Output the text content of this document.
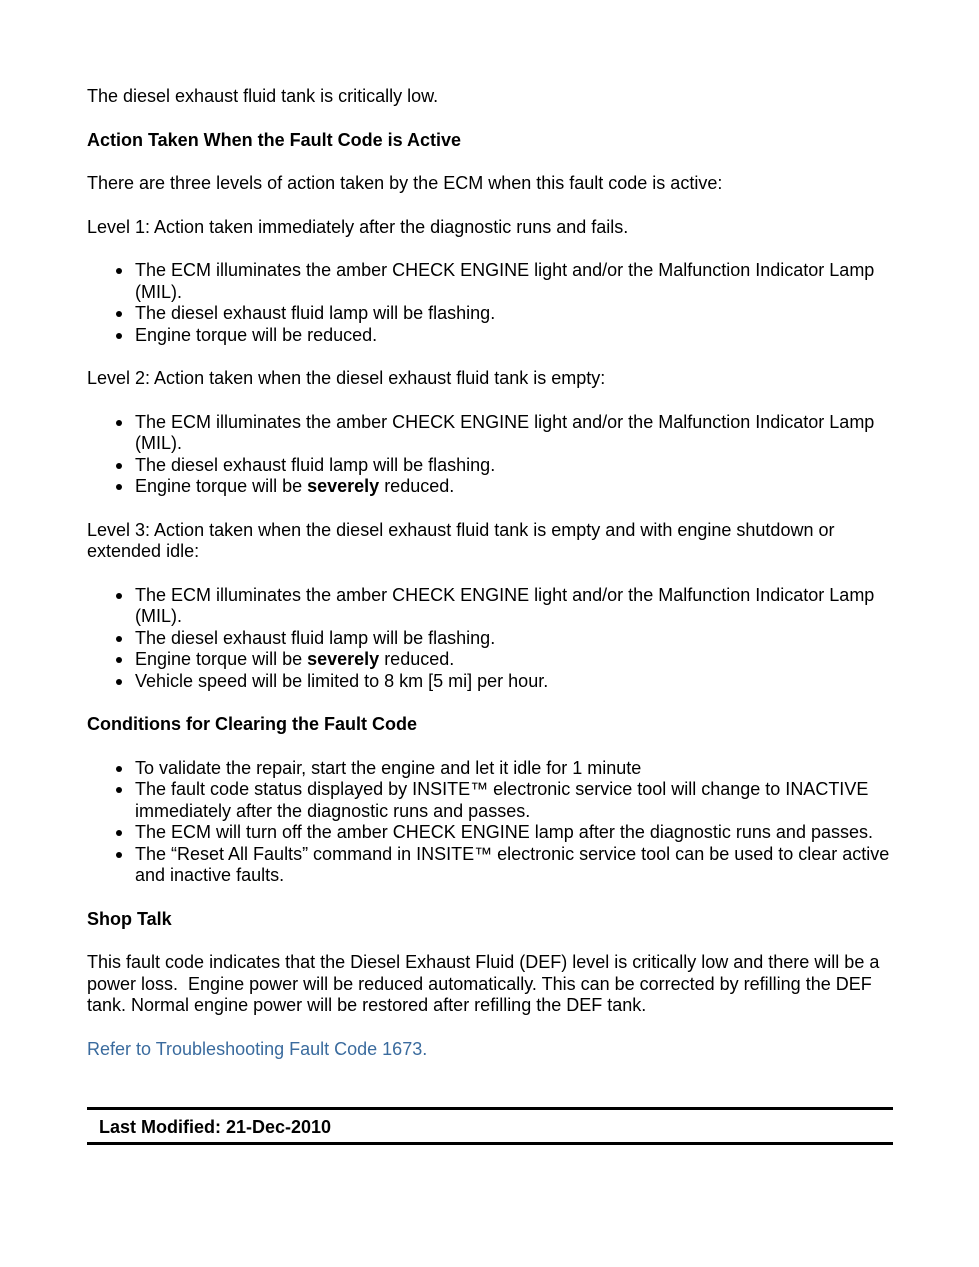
The diesel exhaust fluid tank is critically low.

Action Taken When the Fault Code is Active

There are three levels of action taken by the ECM when this fault code is active:

Level 1: Action taken immediately after the diagnostic runs and fails.

The ECM illuminates the amber CHECK ENGINE light and/or the Malfunction Indicator Lamp (MIL).
The diesel exhaust fluid lamp will be flashing.
Engine torque will be reduced.

Level 2: Action taken when the diesel exhaust fluid tank is empty:

The ECM illuminates the amber CHECK ENGINE light and/or the Malfunction Indicator Lamp (MIL).
The diesel exhaust fluid lamp will be flashing.
Engine torque will be severely reduced.

Level 3: Action taken when the diesel exhaust fluid tank is empty and with engine shutdown or extended idle:

The ECM illuminates the amber CHECK ENGINE light and/or the Malfunction Indicator Lamp (MIL).
The diesel exhaust fluid lamp will be flashing.
Engine torque will be severely reduced.
Vehicle speed will be limited to 8 km [5 mi] per hour.
Conditions for Clearing the Fault Code
To validate the repair, start the engine and let it idle for 1 minute
The fault code status displayed by INSITE™ electronic service tool will change to INACTIVE immediately after the diagnostic runs and passes.
The ECM will turn off the amber CHECK ENGINE lamp after the diagnostic runs and passes.
The “Reset All Faults” command in INSITE™ electronic service tool can be used to clear active and inactive faults.
Shop Talk

This fault code indicates that the Diesel Exhaust Fluid (DEF) level is critically low and there will be a power loss.  Engine power will be reduced automatically. This can be corrected by refilling the DEF tank. Normal engine power will be restored after refilling the DEF tank.

Refer to Troubleshooting Fault Code 1673.

Last Modified: 21-Dec-2010
